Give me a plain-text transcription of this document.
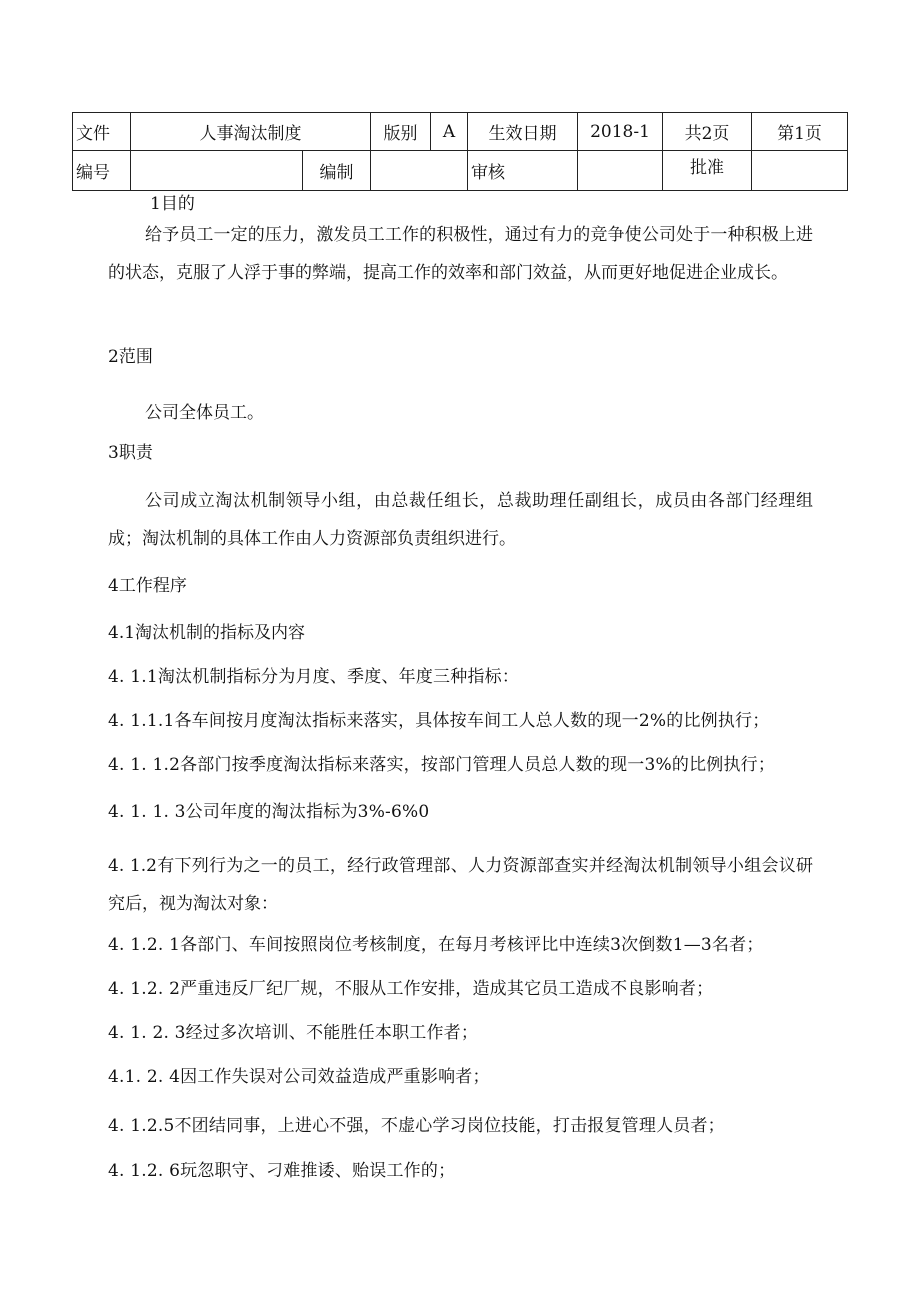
文件	人事淘汰制度		版别	A	生效日期	2018-1	共2页	第1页
编号		编制			审核		批准	
1目的

给予员工一定的压力，激发员工工作的积极性，通过有力的竞争使公司处于一种积极上进的状态，克服了人浮于事的弊端，提高工作的效率和部门效益，从而更好地促进企业成长。

2范围
公司全体员工。
3职责

公司成立淘汰机制领导小组，由总裁任组长，总裁助理任副组长，成员由各部门经理组成；淘汰机制的具体工作由人力资源部负责组织进行。

4工作程序
4.1淘汰机制的指标及内容
4. 1.1淘汰机制指标分为月度、季度、年度三种指标：
4. 1.1.1各车间按月度淘汰指标来落实，具体按车间工人总人数的现一2%的比例执行；
4. 1. 1.2各部门按季度淘汰指标来落实，按部门管理人员总人数的现一3%的比例执行；
4. 1. 1. 3公司年度的淘汰指标为3%-6%0

4. 1.2有下列行为之一的员工，经行政管理部、人力资源部查实并经淘汰机制领导小组会议研究后，视为淘汰对象：

4. 1.2. 1各部门、车间按照岗位考核制度，在每月考核评比中连续3次倒数1—3名者；
4. 1.2. 2严重违反厂纪厂规，不服从工作安排，造成其它员工造成不良影响者；
4. 1. 2. 3经过多次培训、不能胜任本职工作者；
4.1. 2. 4因工作失误对公司效益造成严重影响者；
4. 1.2.5不团结同事，上进心不强，不虚心学习岗位技能，打击报复管理人员者；
4. 1.2. 6玩忽职守、刁难推诿、贻误工作的；
